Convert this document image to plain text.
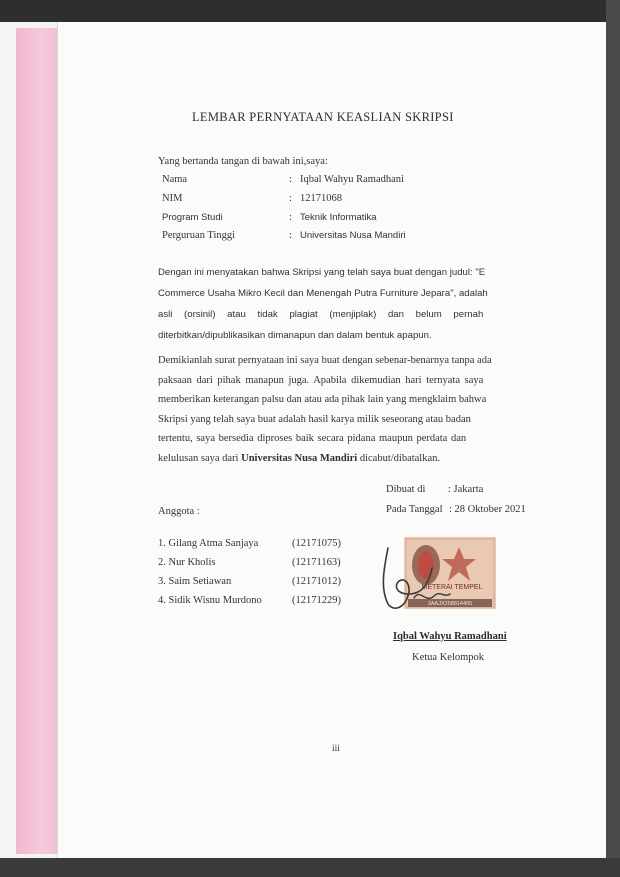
LEMBAR PERNYATAAN KEASLIAN SKRIPSI
Yang bertanda tangan di bawah ini,saya:
Nama	: Iqbal Wahyu Ramadhani
NIM	: 12171068
Program Studi	: Teknik Informatika
Perguruan Tinggi	: Universitas Nusa Mandiri
Dengan ini menyatakan bahwa Skripsi yang telah saya buat dengan judul: "E
Commerce Usaha Mikro Kecil dan Menengah Putra Furniture Jepara", adalah
asli (orsinil) atau tidak plagiat (menjiplak) dan belum pernah
diterbitkan/dipublikasikan dimanapun dan dalam bentuk apapun.
Demikianlah surat pernyataan ini saya buat dengan sebenar-benarnya tanpa ada
paksaan dari pihak manapun juga. Apabila dikemudian hari ternyata saya
memberikan keterangan palsu dan atau ada pihak lain yang mengklaim bahwa
Skripsi yang telah saya buat adalah hasil karya milik seseorang atau badan
tertentu, saya bersedia diproses baik secara pidana maupun perdata dan
kelulusan saya dari Universitas Nusa Mandiri dicabut/dibatalkan.
Dibuat di : Jakarta
Pada Tanggal : 28 Oktober 2021
Anggota :
1. Gilang Atma Sanjaya	(12171075)
2. Nur Kholis	(12171163)
3. Saim Setiawan	(12171012)
4. Sidik Wisnu Murdono	(12171229)
METERAI TEMPEL
3AAJX258814405
Iqbal Wahyu Ramadhani
Ketua Kelompok
iii
